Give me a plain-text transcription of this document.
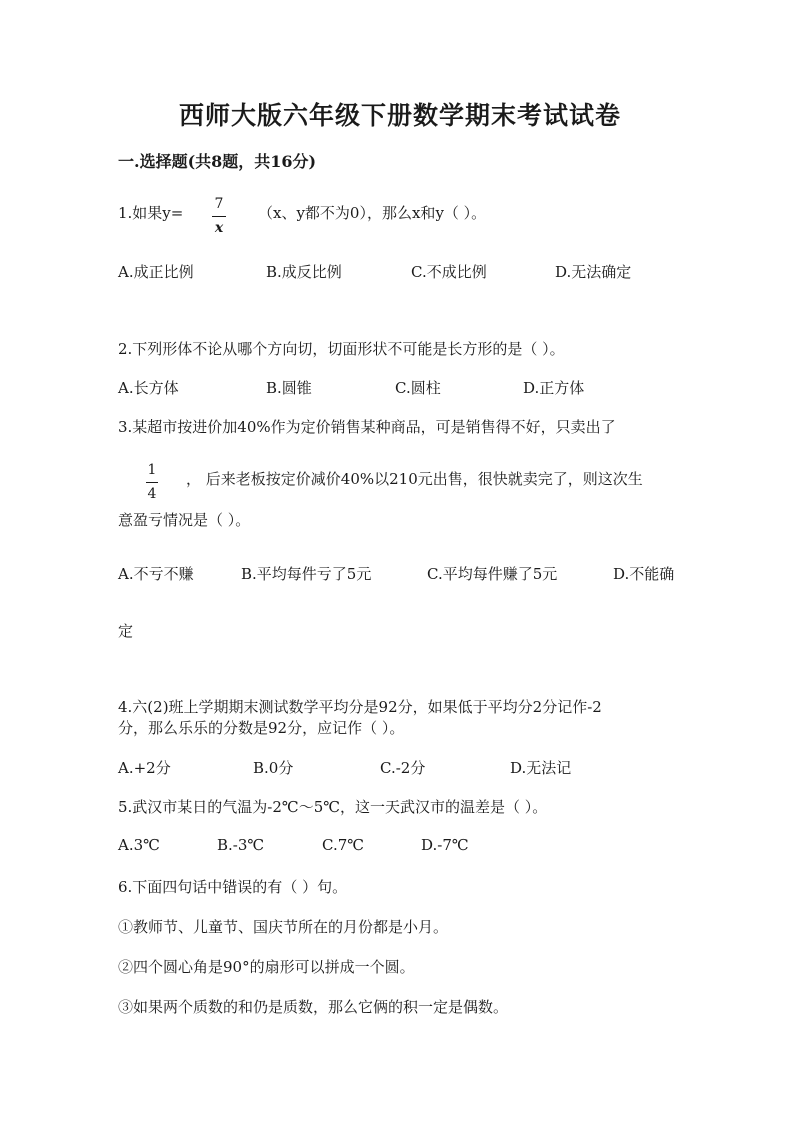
西师大版六年级下册数学期末考试试卷
一.选择题(共8题，共16分)
1.如果y= 7
x
（x、y都不为0），那么x和y（ ）。
A.成正比例	B.成反比例	C.不成比例	D.无法确定
2.下列形体不论从哪个方向切，切面形状不可能是长方形的是（ ）。
A.长方体	B.圆锥	C.圆柱	D.正方体
3.某超市按进价加40%作为定价销售某种商品，可是销售得不好，只卖出了
1
4
， 后来老板按定价减价40%以210元出售，很快就卖完了，则这次生
意盈亏情况是（ ）。
A.不亏不赚	B.平均每件亏了5元	C.平均每件赚了5元	D.不能确
定
4.六(2)班上学期期末测试数学平均分是92分，如果低于平均分2分记作-2
分，那么乐乐的分数是92分，应记作（ ）。
A.+2分	B.0分	C.-2分	D.无法记
5.武汉市某日的气温为-2℃～5℃，这一天武汉市的温差是（ ）。
A.3℃	B.-3℃	C.7℃	D.-7℃
6.下面四句话中错误的有（ ）句。
①教师节、儿童节、国庆节所在的月份都是小月。
②四个圆心角是90°的扇形可以拼成一个圆。
③如果两个质数的和仍是质数，那么它俩的积一定是偶数。
